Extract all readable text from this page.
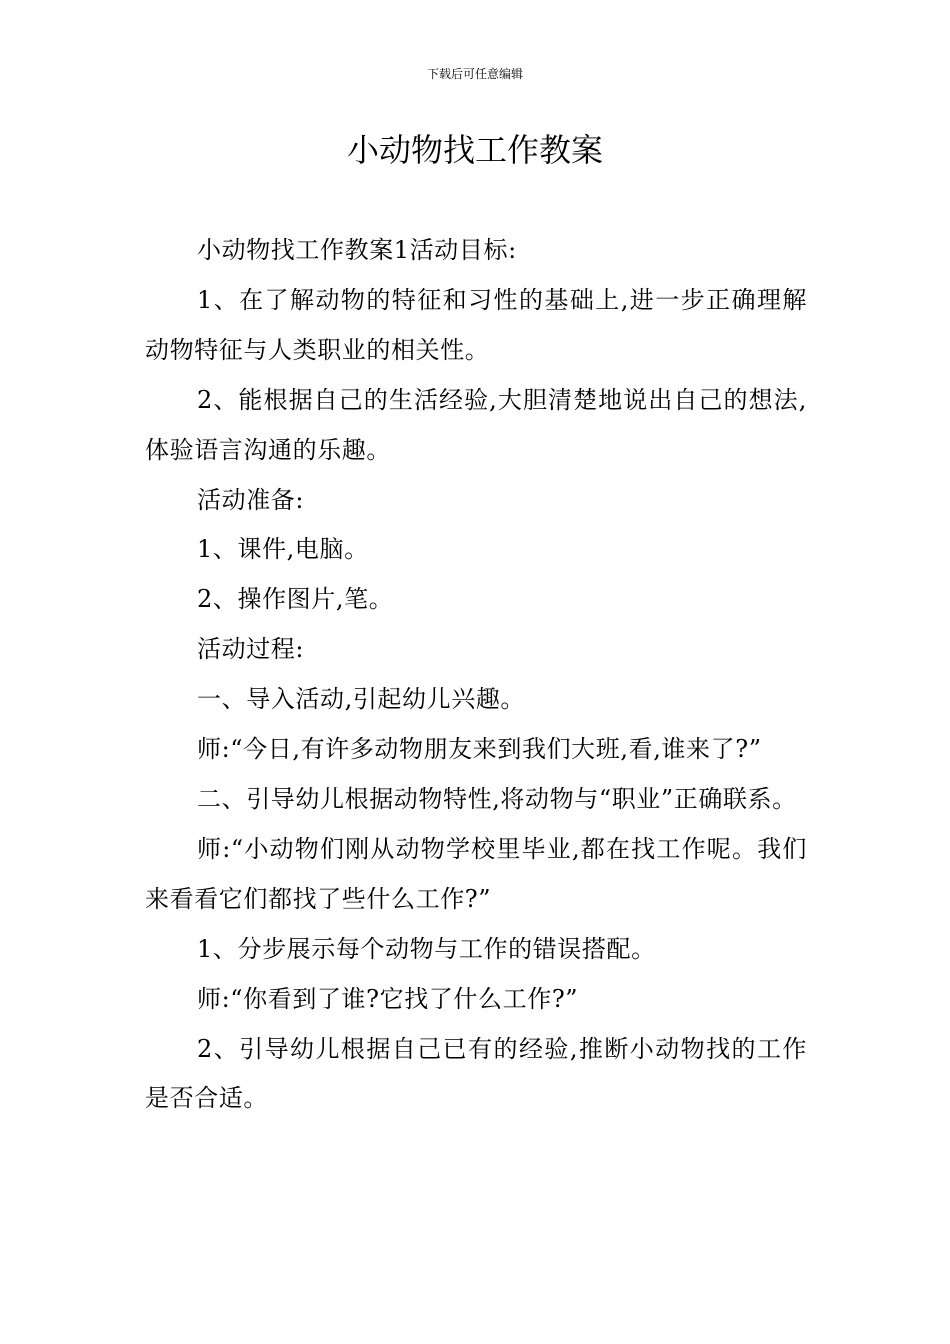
下载后可任意编辑
小动物找工作教案

小动物找工作教案1活动目标:

1、在了解动物的特征和习性的基础上,进一步正确理解动物特征与人类职业的相关性。

2、能根据自己的生活经验,大胆清楚地说出自己的想法,体验语言沟通的乐趣。

活动准备:

1、课件,电脑。

2、操作图片,笔。

活动过程:

一、导入活动,引起幼儿兴趣。

师:“今日,有许多动物朋友来到我们大班,看,谁来了?”

二、引导幼儿根据动物特性,将动物与“职业”正确联系。

师:“小动物们刚从动物学校里毕业,都在找工作呢。我们来看看它们都找了些什么工作?”

1、分步展示每个动物与工作的错误搭配。

师:“你看到了谁?它找了什么工作?”

2、引导幼儿根据自己已有的经验,推断小动物找的工作是否合适。
